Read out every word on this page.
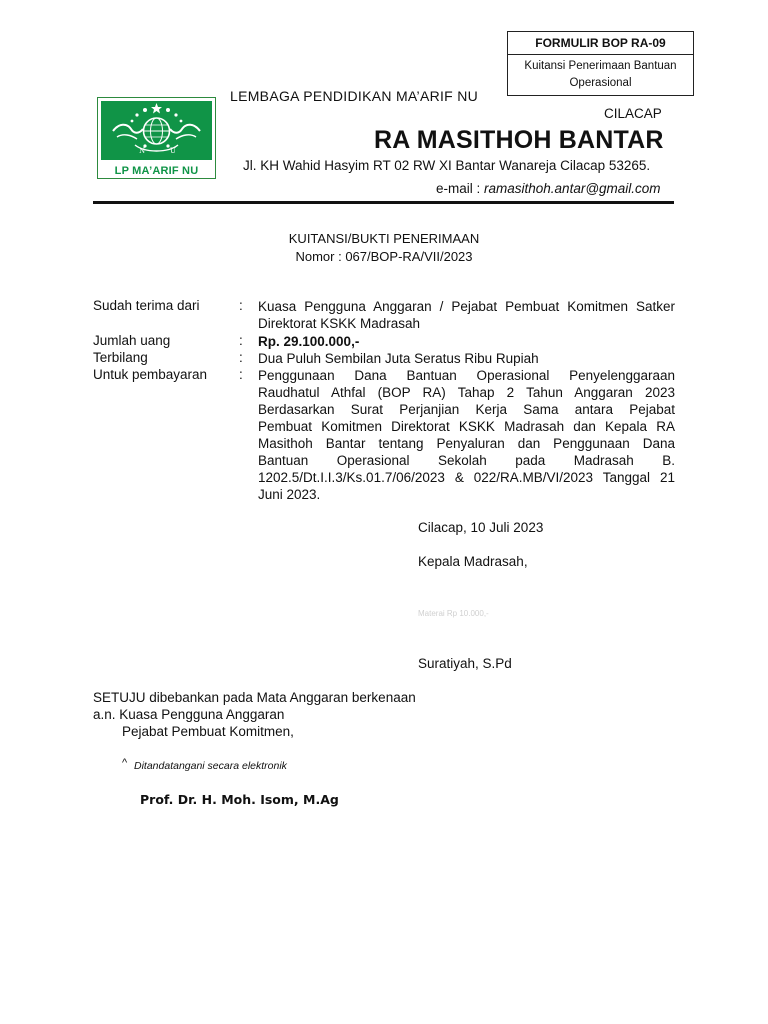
FORMULIR BOP RA-09
Kuitansi Penerimaan Bantuan
Operasional
N	U
LP MA’ARIF NU
LEMBAGA PENDIDIKAN MA’ARIF NU
CILACAP
RA MASITHOH BANTAR
Jl. KH Wahid Hasyim RT 02 RW XI Bantar Wanareja Cilacap 53265.
e-mail : ramasithoh.antar@gmail.com
KUITANSI/BUKTI PENERIMAAN
Nomor : 067/BOP-RA/VII/2023
Sudah terima dari	: Kuasa Pengguna Anggaran / Pejabat Pembuat Komitmen Satker
Direktorat KSKK Madrasah
Jumlah uang	: Rp. 29.100.000,-
Terbilang	: Dua Puluh Sembilan Juta Seratus Ribu Rupiah
Untuk pembayaran : Penggunaan Dana Bantuan Operasional Penyelenggaraan
Raudhatul Athfal (BOP RA) Tahap 2 Tahun Anggaran 2023
Berdasarkan Surat Perjanjian Kerja Sama antara Pejabat
Pembuat Komitmen Direktorat KSKK Madrasah dan Kepala RA
Masithoh Bantar tentang Penyaluran dan Penggunaan Dana
Bantuan Operasional Sekolah pada Madrasah B.
1202.5/Dt.I.I.3/Ks.01.7/06/2023 & 022/RA.MB/VI/2023 Tanggal 21
Juni 2023.
Cilacap, 10 Juli 2023
Kepala Madrasah,
Materai Rp 10.000,-
Suratiyah, S.Pd
SETUJU dibebankan pada Mata Anggaran berkenaan
a.n. Kuasa Pengguna Anggaran
Pejabat Pembuat Komitmen,
^ Ditandatangani secara elektronik
Prof. Dr. H. Moh. Isom, M.Ag
